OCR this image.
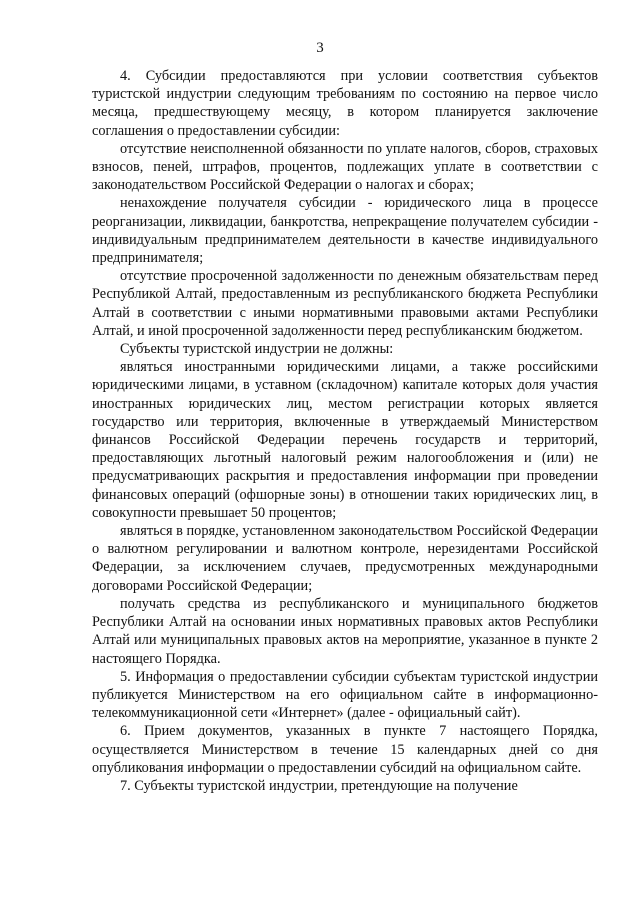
3

4. Субсидии предоставляются при условии соответствия субъектов туристской индустрии следующим требованиям по состоянию на первое число месяца, предшествующему месяцу, в котором планируется заключение соглашения о предоставлении субсидии:

отсутствие неисполненной обязанности по уплате налогов, сборов, страховых взносов, пеней, штрафов, процентов, подлежащих уплате в соответствии с законодательством Российской Федерации о налогах и сборах;

ненахождение получателя субсидии - юридического лица в процессе реорганизации, ликвидации, банкротства, непрекращение получателем субсидии - индивидуальным предпринимателем деятельности в качестве индивидуального предпринимателя;

отсутствие просроченной задолженности по денежным обязательствам перед Республикой Алтай, предоставленным из республиканского бюджета Республики Алтай в соответствии с иными нормативными правовыми актами Республики Алтай, и иной просроченной задолженности перед республиканским бюджетом.

Субъекты туристской индустрии не должны:

являться иностранными юридическими лицами, а также российскими юридическими лицами, в уставном (складочном) капитале которых доля участия иностранных юридических лиц, местом регистрации которых является государство или территория, включенные в утверждаемый Министерством финансов Российской Федерации перечень государств и территорий, предоставляющих льготный налоговый режим налогообложения и (или) не предусматривающих раскрытия и предоставления информации при проведении финансовых операций (офшорные зоны) в отношении таких юридических лиц, в совокупности превышает 50 процентов;

являться в порядке, установленном законодательством Российской Федерации о валютном регулировании и валютном контроле, нерезидентами Российской Федерации, за исключением случаев, предусмотренных международными договорами Российской Федерации;

получать средства из республиканского и муниципального бюджетов Республики Алтай на основании иных нормативных правовых актов Республики Алтай или муниципальных правовых актов на мероприятие, указанное в пункте 2 настоящего Порядка.

5. Информация о предоставлении субсидии субъектам туристской индустрии публикуется Министерством на его официальном сайте в информационно-телекоммуникационной сети «Интернет» (далее - официальный сайт).

6. Прием документов, указанных в пункте 7 настоящего Порядка, осуществляется Министерством в течение 15 календарных дней со дня опубликования информации о предоставлении субсидий на официальном сайте.

7. Субъекты туристской индустрии, претендующие на получение
